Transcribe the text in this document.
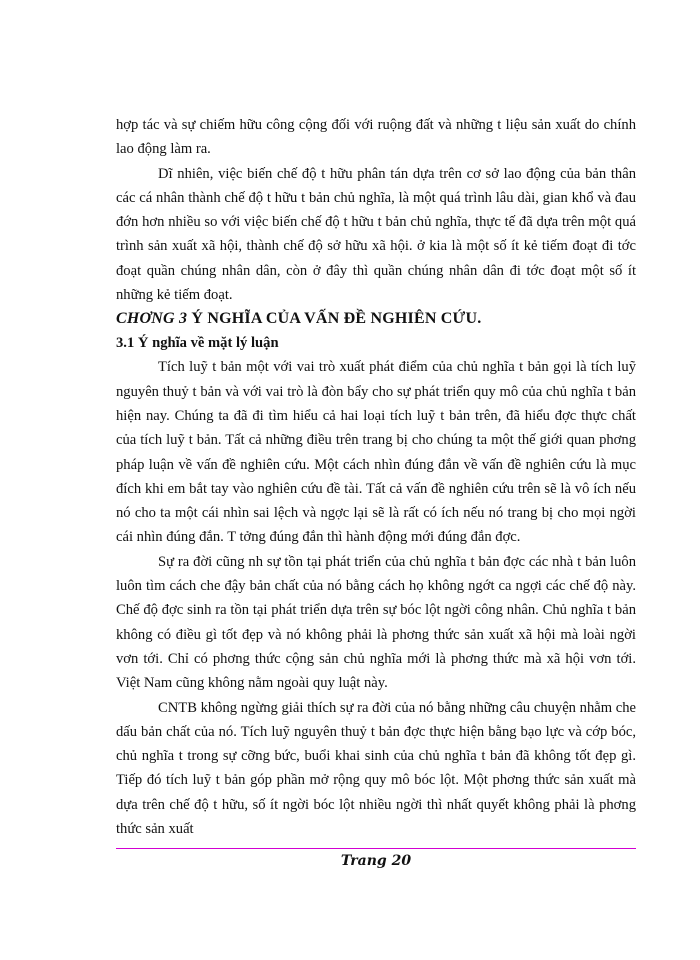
hợp tác và sự chiếm hữu công cộng đối với ruộng đất và những t liệu sản xuất do chính lao động làm ra.

Dĩ nhiên, việc biến chế độ t hữu phân tán dựa trên cơ sở lao động của bản thân các cá nhân thành chế độ t hữu t bản chủ nghĩa, là một quá trình lâu dài, gian khổ và đau đớn hơn nhiều so với việc biến chế độ t hữu t bản chủ nghĩa, thực tế đã dựa trên một quá trình sản xuất xã hội, thành chế độ sở hữu xã hội. ở kia là một số ít kẻ tiếm đoạt đi tớc đoạt quần chúng nhân dân, còn ở đây thì quần chúng nhân dân đi tớc đoạt một số ít những kẻ tiếm đoạt.

CHƠNG 3 Ý NGHĨA CỦA VẤN ĐỀ NGHIÊN CỨU.

3.1 Ý nghĩa về mặt lý luận

Tích luỹ t bản một với vai trò xuất phát điểm của chủ nghĩa t bản gọi là tích luỹ nguyên thuỷ t bản và với vai trò là đòn bẩy cho sự phát triển quy mô của chủ nghĩa t bản hiện nay. Chúng ta đã đi tìm hiểu cả hai loại tích luỹ t bản trên, đã hiểu đợc thực chất của tích luỹ t bản. Tất cả những điều trên trang bị cho chúng ta một thế giới quan phơng pháp luận về vấn đề nghiên cứu. Một cách nhìn đúng đắn về vấn đề nghiên cứu là mục đích khi em bắt tay vào nghiên cứu đề tài. Tất cả vấn đề nghiên cứu trên sẽ là vô ích nếu nó cho ta một cái nhìn sai lệch và ngợc lại sẽ là rất có ích nếu nó trang bị cho mọi ngời cái nhìn đúng đắn. T tởng đúng đắn thì hành động mới đúng đắn đợc.

Sự ra đời cũng nh sự tồn tại phát triển của chủ nghĩa t bản đợc các nhà t bản luôn luôn tìm cách che đậy bản chất của nó bằng cách họ không ngớt ca ngợi các chế độ này. Chế độ đợc sinh ra tồn tại phát triển dựa trên sự bóc lột ngời công nhân. Chủ nghĩa t bản không có điều gì tốt đẹp và nó không phải là phơng thức sản xuất xã hội mà loài ngời vơn tới. Chỉ có phơng thức cộng sản chủ nghĩa mới là phơng thức mà xã hội vơn tới. Việt Nam cũng không nằm ngoài quy luật này.

CNTB không ngừng giải thích sự ra đời của nó bằng những câu chuyện nhằm che dấu bản chất của nó. Tích luỹ nguyên thuỷ t bản đợc thực hiện bằng bạo lực và cớp bóc, chủ nghĩa t trong sự cỡng bức, buổi khai sinh của chủ nghĩa t bản đã không tốt đẹp gì. Tiếp đó tích luỹ t bản góp phần mở rộng quy mô bóc lột. Một phơng thức sản xuất mà dựa trên chế độ t hữu, số ít ngời bóc lột nhiều ngời thì nhất quyết không phải là phơng thức sản xuất

Trang 20
